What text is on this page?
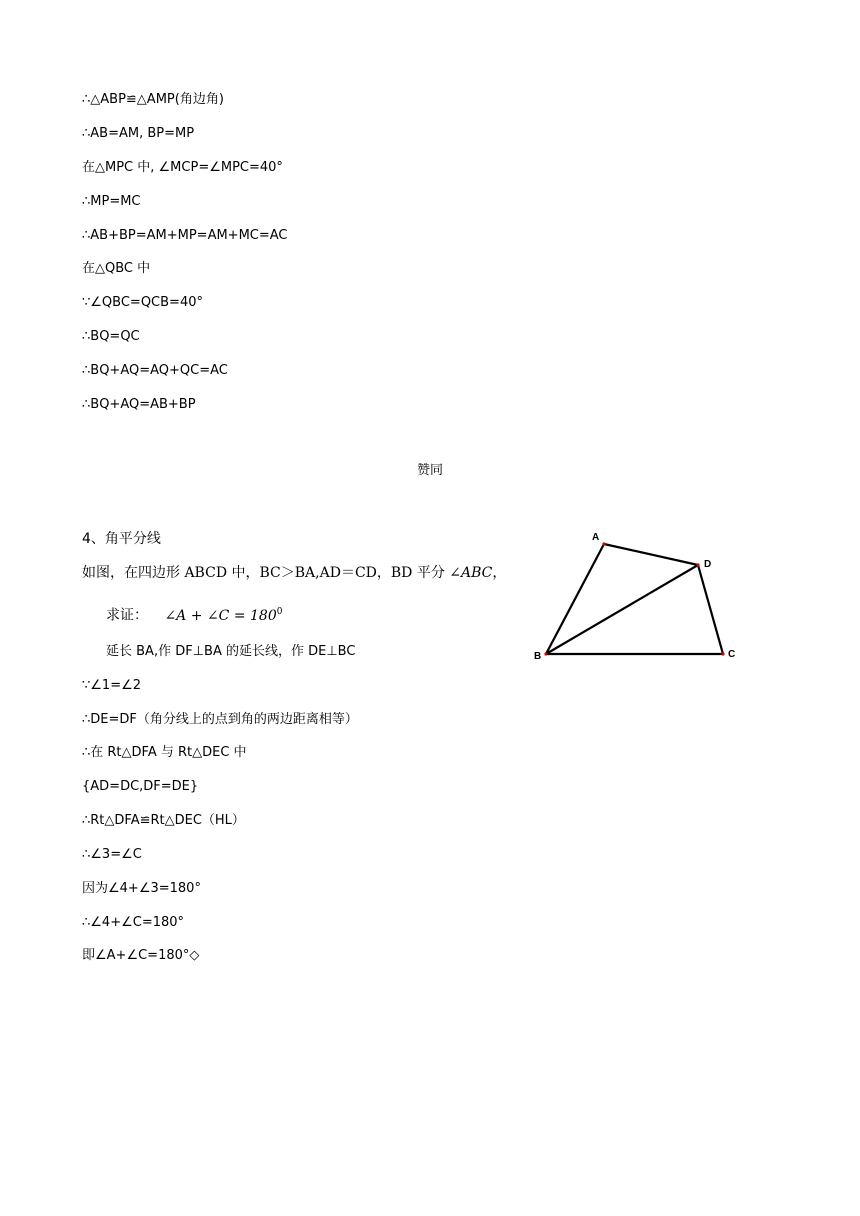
∴△ABP≌△AMP(角边角)
∴AB=AM, BP=MP
在△MPC 中, ∠MCP=∠MPC=40°
∴MP=MC
∴AB+BP=AM+MP=AM+MC=AC
在△QBC 中
∵∠QBC=QCB=40°
∴BQ=QC
∴BQ+AQ=AQ+QC=AC
∴BQ+AQ=AB+BP
赞同
4、角平分线
如图，在四边形 ABCD 中，BC＞BA,AD＝CD，BD 平分 ∠ABC，
求证： ∠A + ∠C = $180^0$
延长 BA,作 DF⊥BA 的延长线，作 DE⊥BC
∵∠1=∠2
∴DE=DF（角分线上的点到角的两边距离相等）
∴在 Rt△DFA 与 Rt△DEC 中
{AD=DC,DF=DE}
∴Rt△DFA≌Rt△DEC（HL）
∴∠3=∠C
因为∠4+∠3=180°
∴∠4+∠C=180°
即∠A+∠C=180°◇
A
B	C
D
